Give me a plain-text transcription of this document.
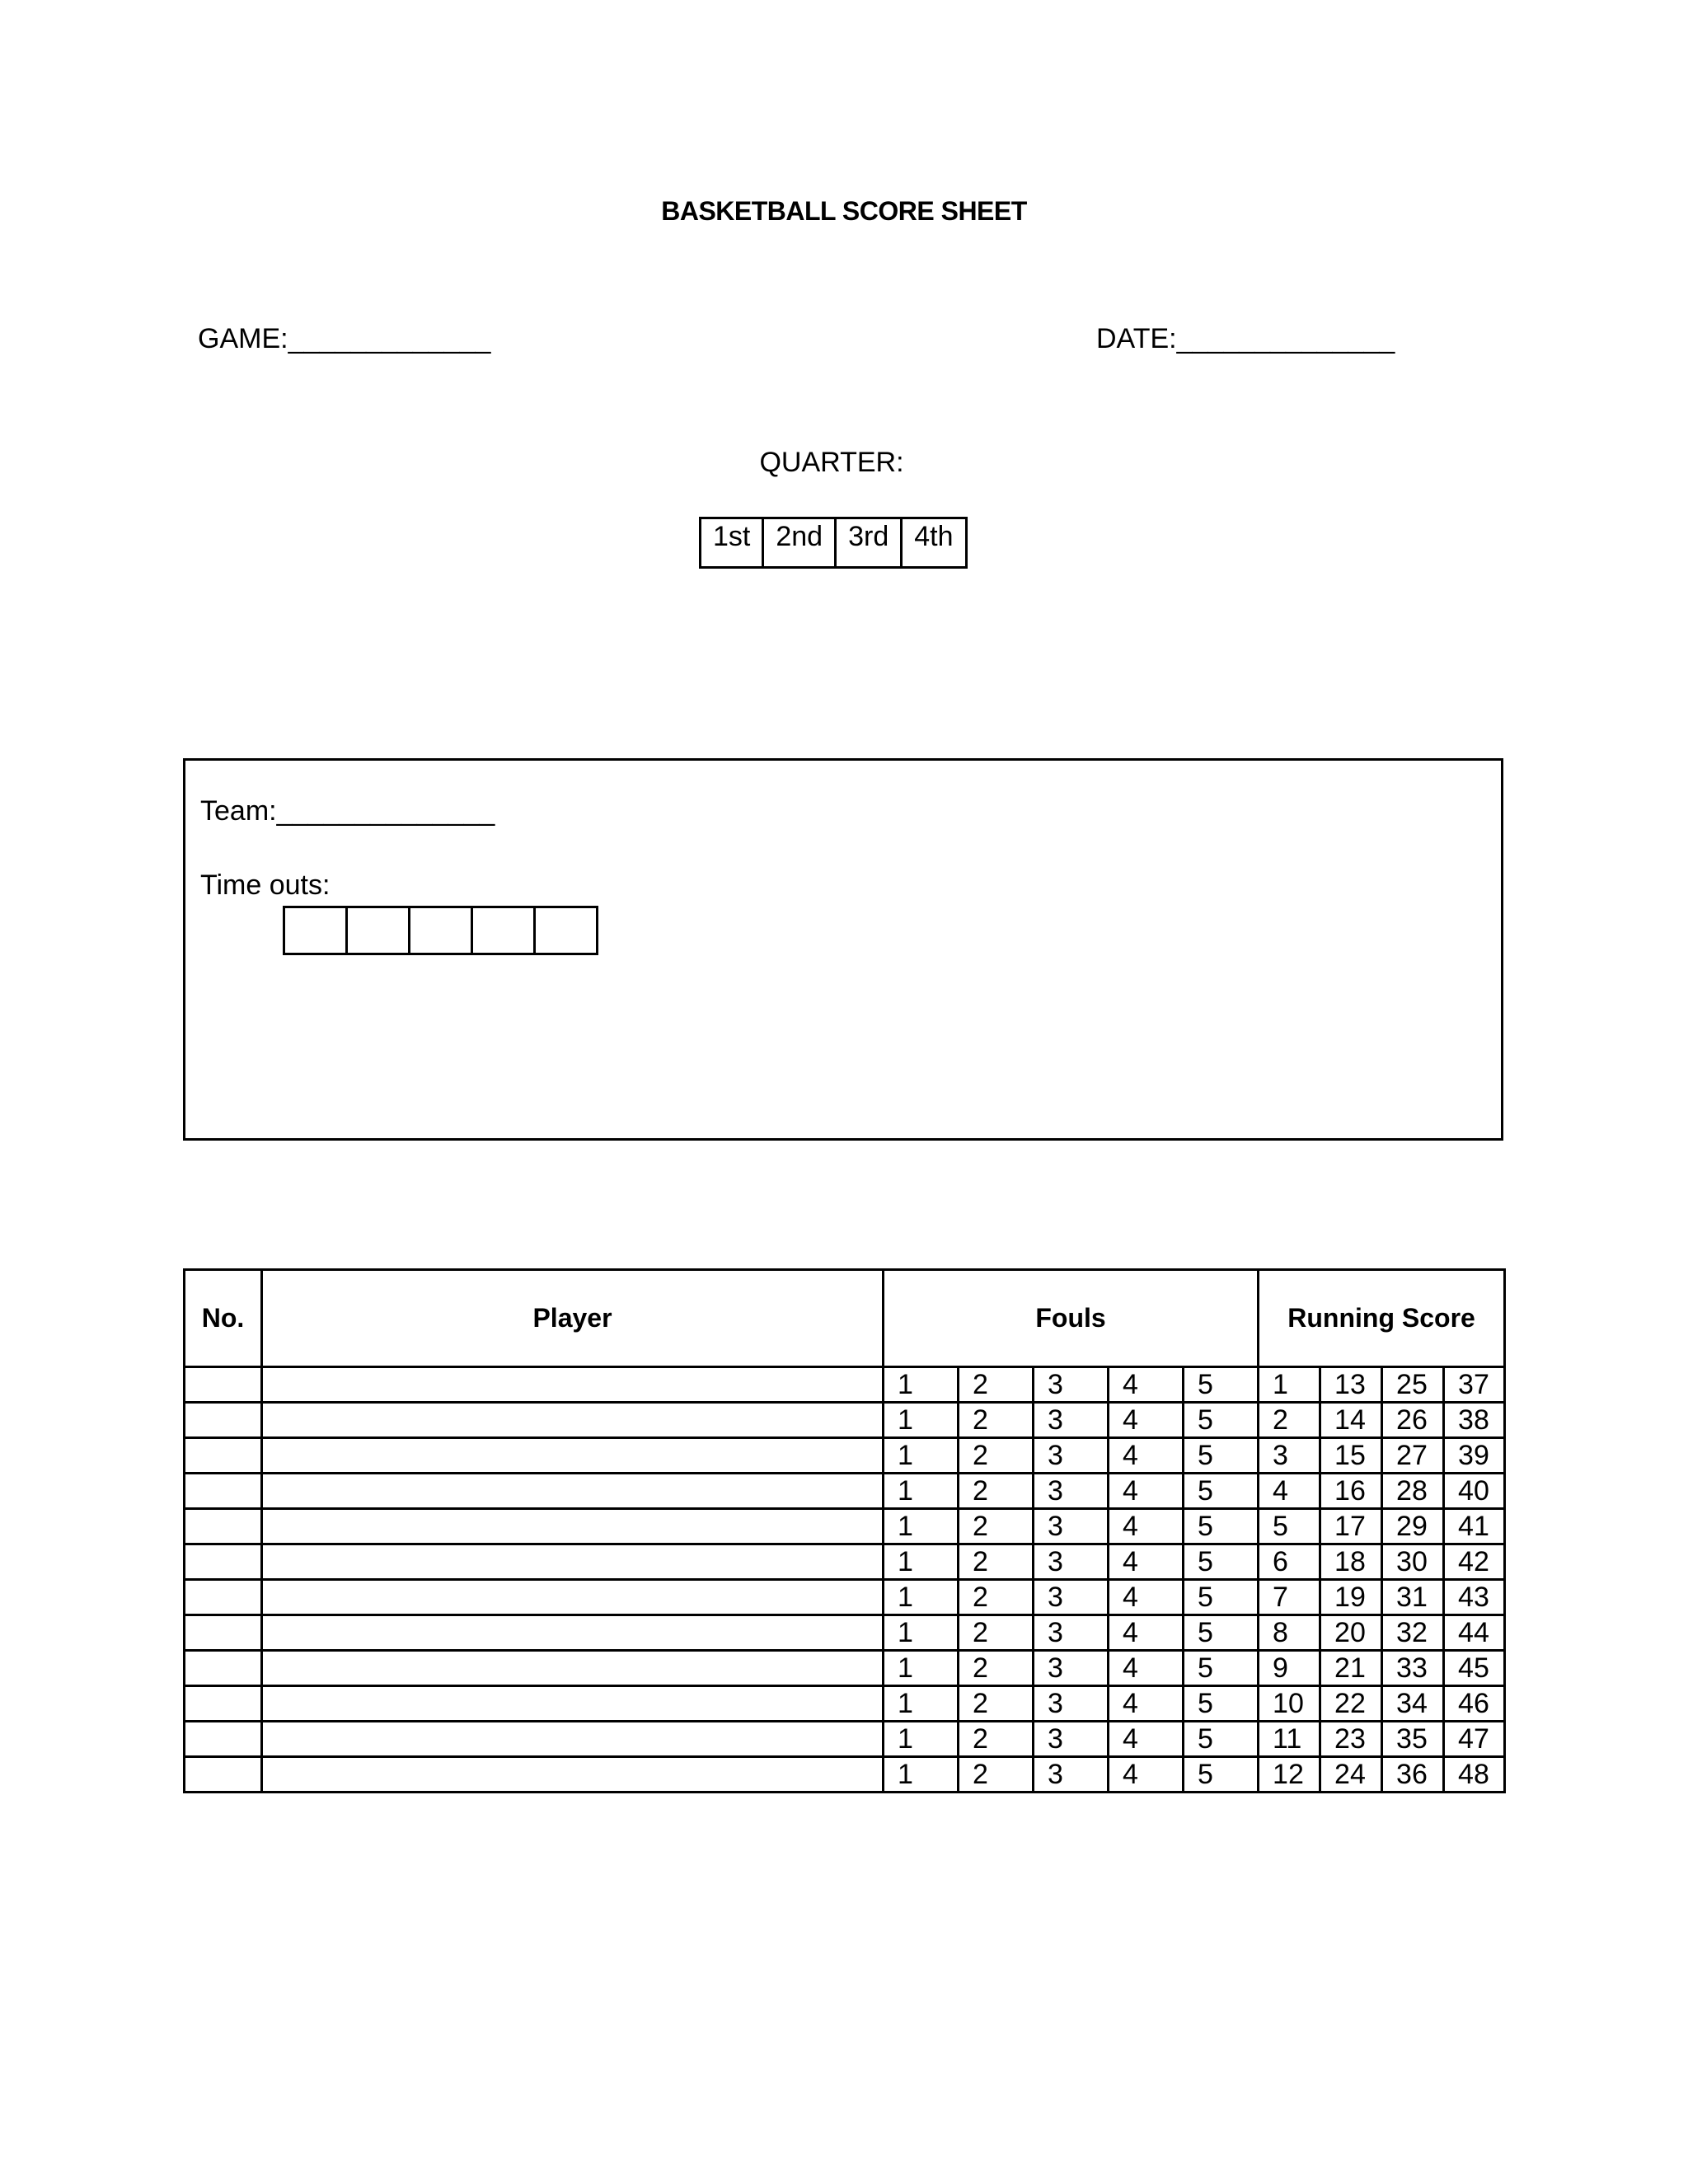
BASKETBALL SCORE SHEET
GAME:_____________	DATE:______________
QUARTER:
1st	2nd	3rd	4th
Team:______________
Time outs:

No.	Player	Fouls					Running Score			
		1	2	3	4	5	1	13	25	37
		1	2	3	4	5	2	14	26	38
		1	2	3	4	5	3	15	27	39
		1	2	3	4	5	4	16	28	40
		1	2	3	4	5	5	17	29	41
		1	2	3	4	5	6	18	30	42
		1	2	3	4	5	7	19	31	43
		1	2	3	4	5	8	20	32	44
		1	2	3	4	5	9	21	33	45
		1	2	3	4	5	10	22	34	46
		1	2	3	4	5	11	23	35	47
		1	2	3	4	5	12	24	36	48
